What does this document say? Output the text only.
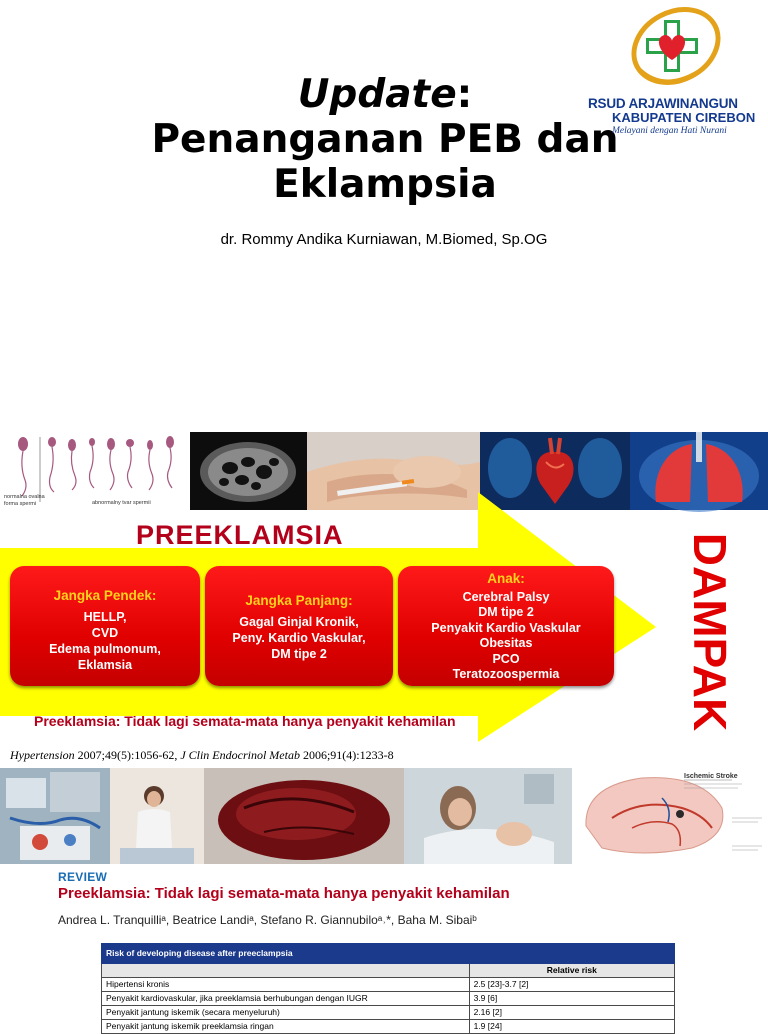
Update:
Penanganan PEB dan
Eklampsia
dr. Rommy Andika Kurniawan, M.Biomed, Sp.OG
RSUD ARJAWINANGUN
KABUPATEN CIREBON
Melayani dengan Hati Nurani
normalna ovalna
forma spermi	abnormalny tvar spermii
PREEKLAMSIA
Jangka Pendek:
HELLP,
CVD
Edema pulmonum,
Eklamsia
Jangka Panjang:
Gagal Ginjal Kronik,
Peny. Kardio Vaskular,
DM tipe 2
Anak:
Cerebral Palsy
DM tipe 2
Penyakit Kardio Vaskular
Obesitas
PCO
Teratozoospermia	DAMPAK
Preeklamsia: Tidak lagi semata-mata hanya penyakit kehamilan
Hypertension 2007;49(5):1056-62, J Clin Endocrinol Metab 2006;91(4):1233-8
Ischemic Stroke
REVIEW
Preeklamsia: Tidak lagi semata-mata hanya penyakit kehamilan
Andrea L. Tranquilliᵃ, Beatrice Landiᵃ, Stefano R. Giannubiloᵃ˒*, Baha M. Sibaiᵇ
Risk of developing disease after preeclampsia	
	Relative risk
Hipertensi kronis	2.5 [23]-3.7 [2]
Penyakit kardiovaskular, jika preeklamsia berhubungan dengan IUGR	3.9 [6]
Penyakit jantung iskemik (secara menyeluruh)	2.16 [2]
Penyakit jantung iskemik preeklamsia ringan	1.9 [24]
